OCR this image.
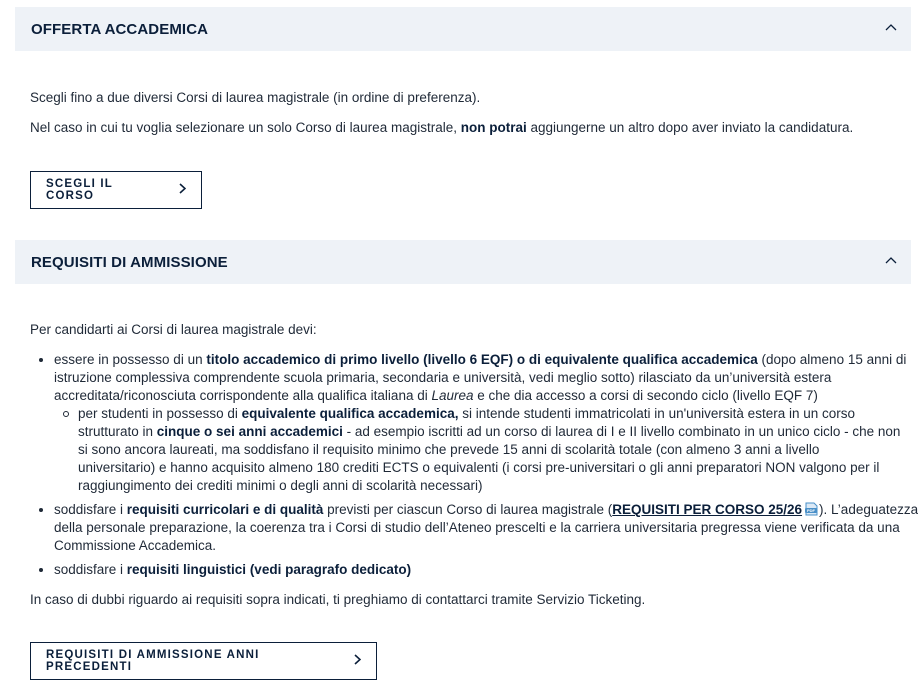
OFFERTA ACCADEMICA
Scegli fino a due diversi Corsi di laurea magistrale (in ordine di preferenza).
Nel caso in cui tu voglia selezionare un solo Corso di laurea magistrale, non potrai aggiungerne un altro dopo aver inviato la candidatura.
SCEGLI IL CORSO
REQUISITI DI AMMISSIONE
Per candidarti ai Corsi di laurea magistrale devi:
essere in possesso di un titolo accademico di primo livello (livello 6 EQF) o di equivalente qualifica accademica (dopo almeno 15 anni di
istruzione complessiva comprendente scuola primaria, secondaria e università, vedi meglio sotto) rilasciato da un’università estera
accreditata/riconosciuta corrispondente alla qualifica italiana di Laurea e che dia accesso a corsi di secondo ciclo (livello EQF 7)
per studenti in possesso di equivalente qualifica accademica, si intende studenti immatricolati in un'università estera in un corso
strutturato in cinque o sei anni accademici - ad esempio iscritti ad un corso di laurea di I e II livello combinato in un unico ciclo - che non
si sono ancora laureati, ma soddisfano il requisito minimo che prevede 15 anni di scolarità totale (con almeno 3 anni a livello
universitario) e hanno acquisito almeno 180 crediti ECTS o equivalenti (i corsi pre-universitari o gli anni preparatori NON valgono per il
raggiungimento dei crediti minimi o degli anni di scolarità necessari)
soddisfare i requisiti curricolari e di qualità previsti per ciascun Corso di laurea magistrale (REQUISITI PER CORSO 25/26 PDF ). L’adeguatezza
della personale preparazione, la coerenza tra i Corsi di studio dell’Ateneo prescelti e la carriera universitaria pregressa viene verificata da una
Commissione Accademica.
soddisfare i requisiti linguistici (vedi paragrafo dedicato)
In caso di dubbi riguardo ai requisiti sopra indicati, ti preghiamo di contattarci tramite Servizio Ticketing.
REQUISITI DI AMMISSIONE ANNI PRECEDENTI
